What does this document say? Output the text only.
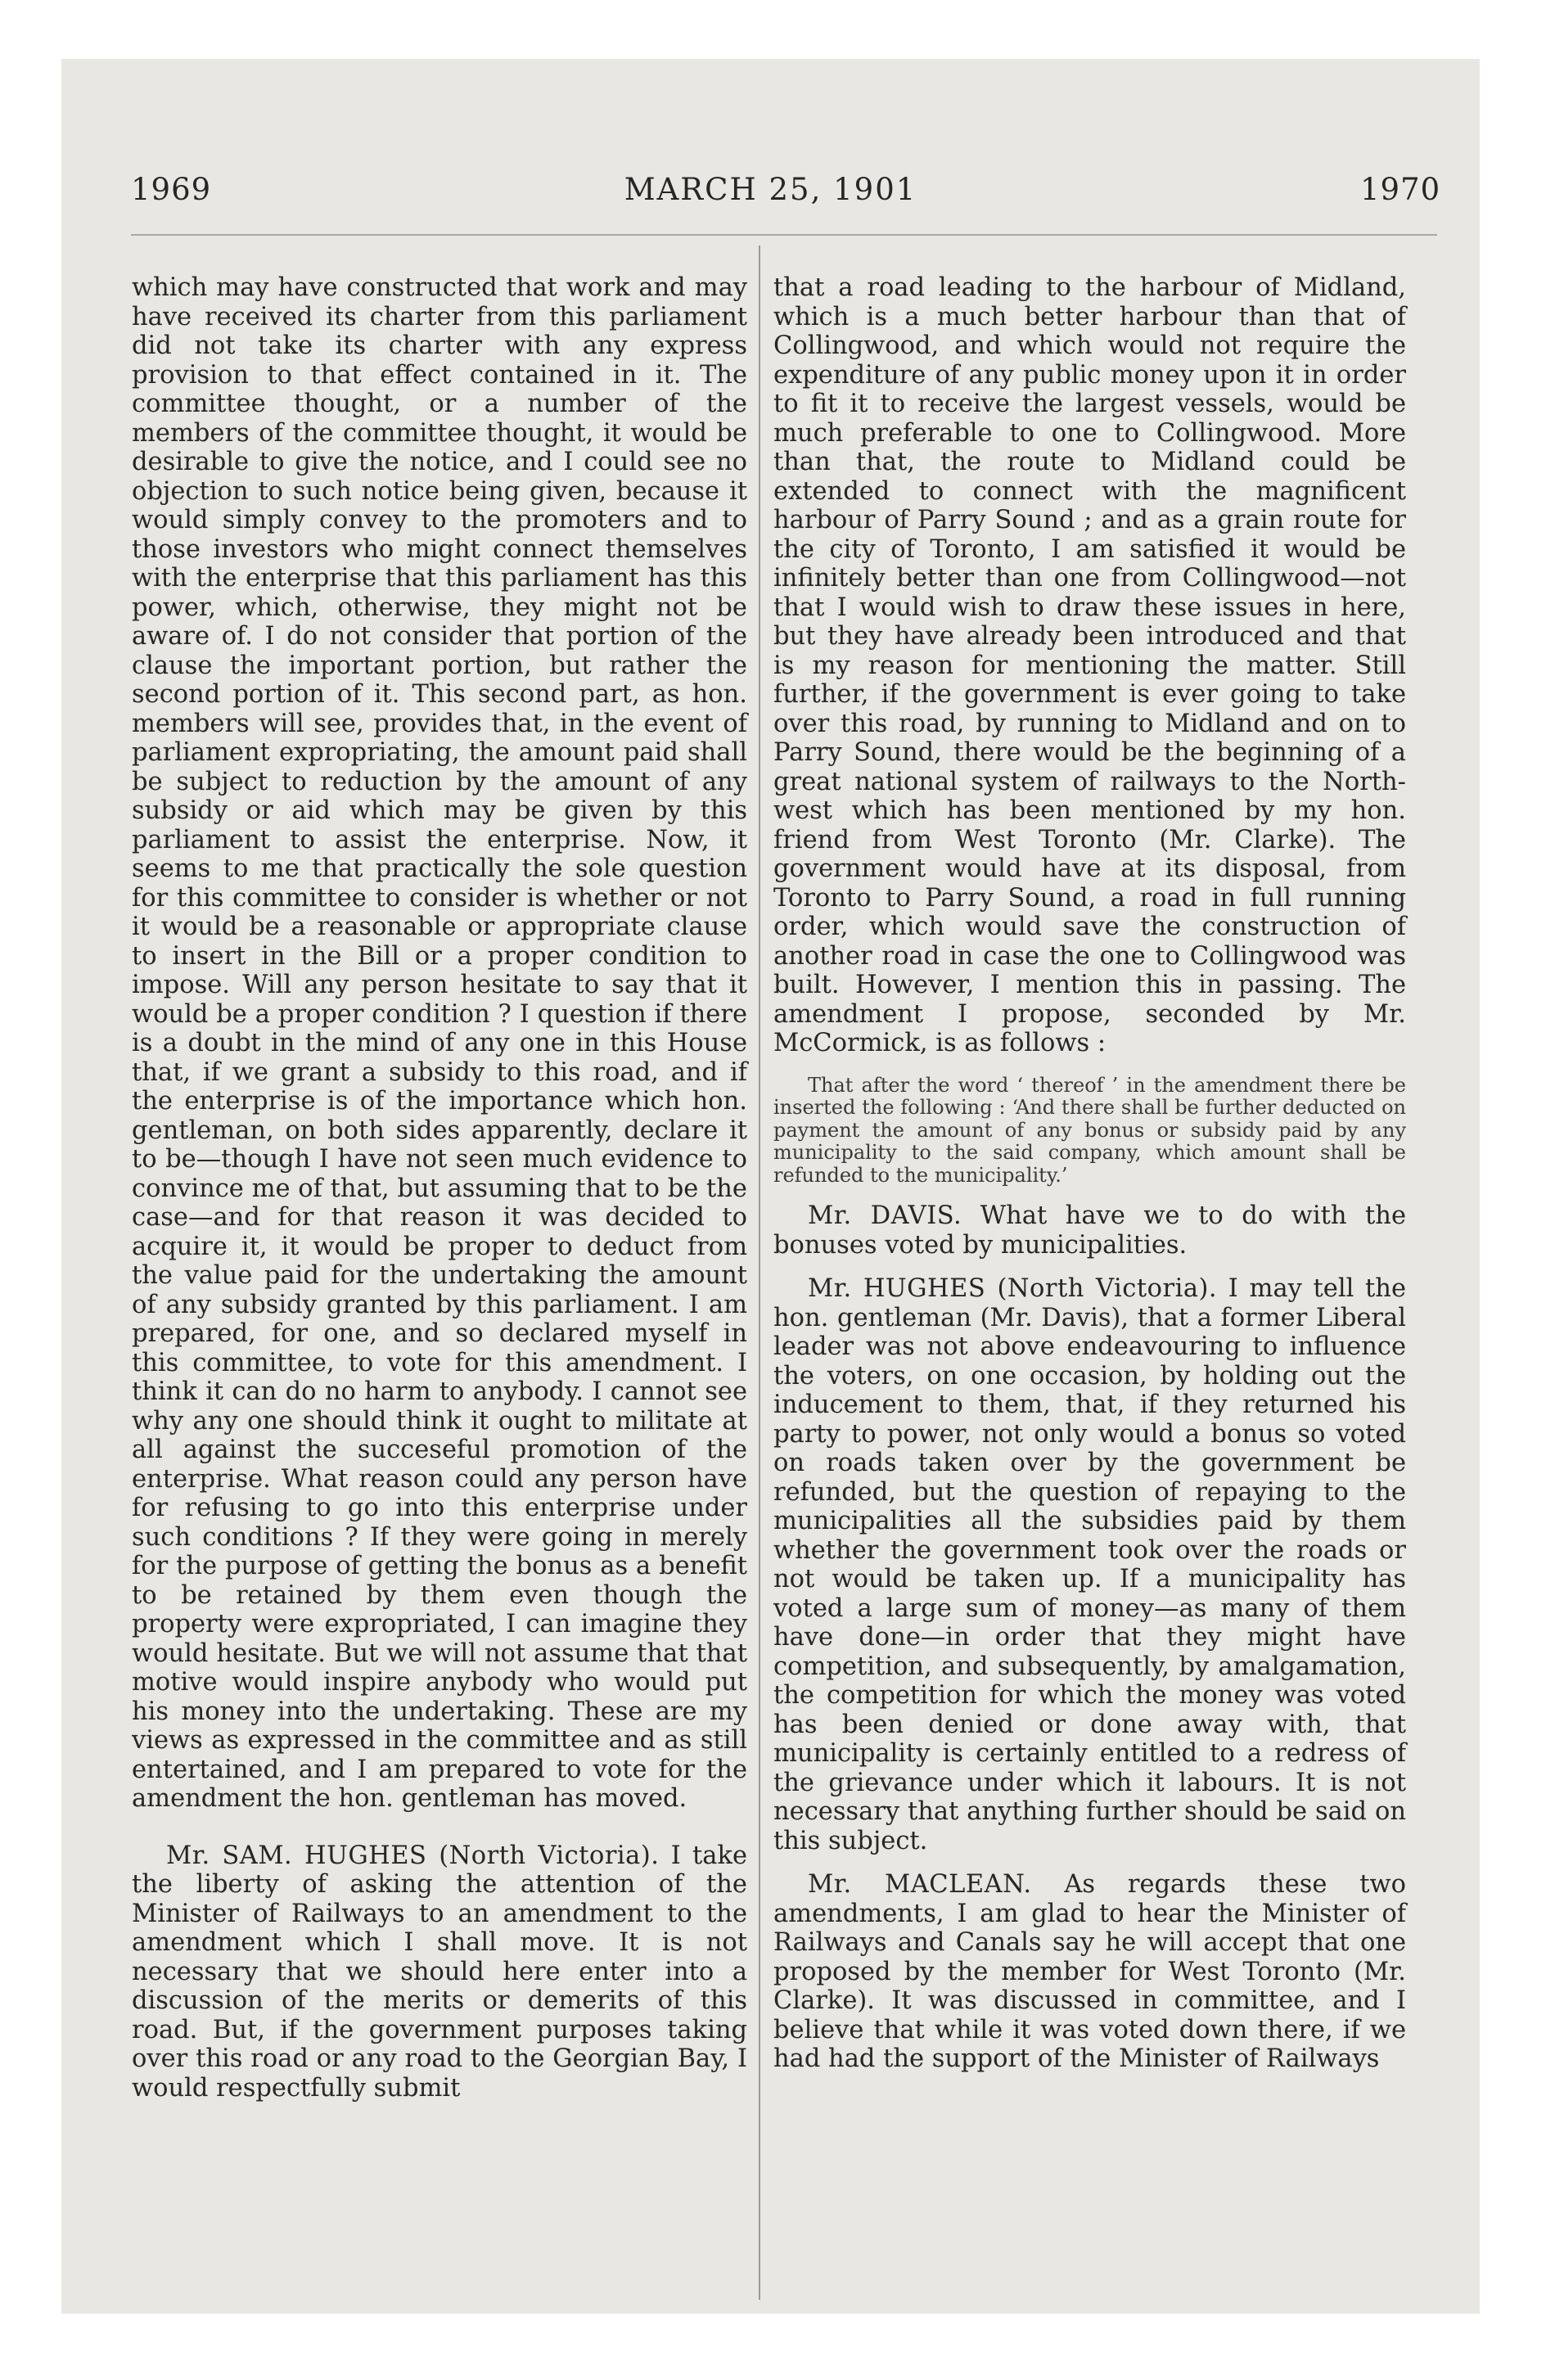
1969	MARCH 25, 1901	1970

which may have constructed that work and may have received its charter from this parliament did not take its charter with any express provision to that effect contained in it. The committee thought, or a number of the members of the committee thought, it would be desirable to give the notice, and I could see no objection to such notice being given, because it would simply convey to the promoters and to those investors who might connect themselves with the enterprise that this parliament has this power, which, otherwise, they might not be aware of. I do not consider that portion of the clause the important portion, but rather the second portion of it. This second part, as hon. members will see, provides that, in the event of parliament expropriating, the amount paid shall be subject to reduction by the amount of any subsidy or aid which may be given by this parliament to assist the enterprise. Now, it seems to me that practically the sole question for this committee to consider is whether or not it would be a reasonable or appropriate clause to insert in the Bill or a proper condition to impose. Will any person hesitate to say that it would be a proper condition ? I question if there is a doubt in the mind of any one in this House that, if we grant a subsidy to this road, and if the enterprise is of the importance which hon. gentleman, on both sides apparently, declare it to be—though I have not seen much evidence to convince me of that, but assuming that to be the case—and for that reason it was decided to acquire it, it would be proper to deduct from the value paid for the undertaking the amount of any subsidy granted by this parliament. I am prepared, for one, and so declared myself in this committee, to vote for this amendment. I think it can do no harm to anybody. I cannot see why any one should think it ought to militate at all against the succeseful promotion of the enterprise. What reason could any person have for refusing to go into this enterprise under such conditions ? If they were going in merely for the purpose of getting the bonus as a benefit to be retained by them even though the property were expropriated, I can imagine they would hesitate. But we will not assume that that motive would inspire anybody who would put his money into the undertaking. These are my views as expressed in the committee and as still entertained, and I am prepared to vote for the amendment the hon. gentleman has moved.

Mr. SAM. HUGHES (North Victoria). I take the liberty of asking the attention of the Minister of Railways to an amendment to the amendment which I shall move. It is not necessary that we should here enter into a discussion of the merits or demerits of this road. But, if the government purposes taking over this road or any road to the Georgian Bay, I would respectfully submit

that a road leading to the harbour of Midland, which is a much better harbour than that of Collingwood, and which would not require the expenditure of any public money upon it in order to fit it to receive the largest vessels, would be much preferable to one to Collingwood. More than that, the route to Midland could be extended to connect with the magnificent harbour of Parry Sound ; and as a grain route for the city of Toronto, I am satisfied it would be infinitely better than one from Collingwood—not that I would wish to draw these issues in here, but they have already been introduced and that is my reason for mentioning the matter. Still further, if the government is ever going to take over this road, by running to Midland and on to Parry Sound, there would be the beginning of a great national system of railways to the North-west which has been mentioned by my hon. friend from West Toronto (Mr. Clarke). The government would have at its disposal, from Toronto to Parry Sound, a road in full running order, which would save the construction of another road in case the one to Collingwood was built. However, I mention this in passing. The amendment I propose, seconded by Mr. McCormick, is as follows :

That after the word ‘ thereof ’ in the amendment there be inserted the following : ‘And there shall be further deducted on payment the amount of any bonus or subsidy paid by any municipality to the said company, which amount shall be refunded to the municipality.’

Mr. DAVIS. What have we to do with the bonuses voted by municipalities.

Mr. HUGHES (North Victoria). I may tell the hon. gentleman (Mr. Davis), that a former Liberal leader was not above endeavouring to influence the voters, on one occasion, by holding out the inducement to them, that, if they returned his party to power, not only would a bonus so voted on roads taken over by the government be refunded, but the question of repaying to the municipalities all the subsidies paid by them whether the government took over the roads or not would be taken up. If a municipality has voted a large sum of money—as many of them have done—in order that they might have competition, and subsequently, by amalgamation, the competition for which the money was voted has been denied or done away with, that municipality is certainly entitled to a redress of the grievance under which it labours. It is not necessary that anything further should be said on this subject.

Mr. MACLEAN. As regards these two amendments, I am glad to hear the Minister of Railways and Canals say he will accept that one proposed by the member for West Toronto (Mr. Clarke). It was discussed in committee, and I believe that while it was voted down there, if we had had the support of the Minister of Railways
